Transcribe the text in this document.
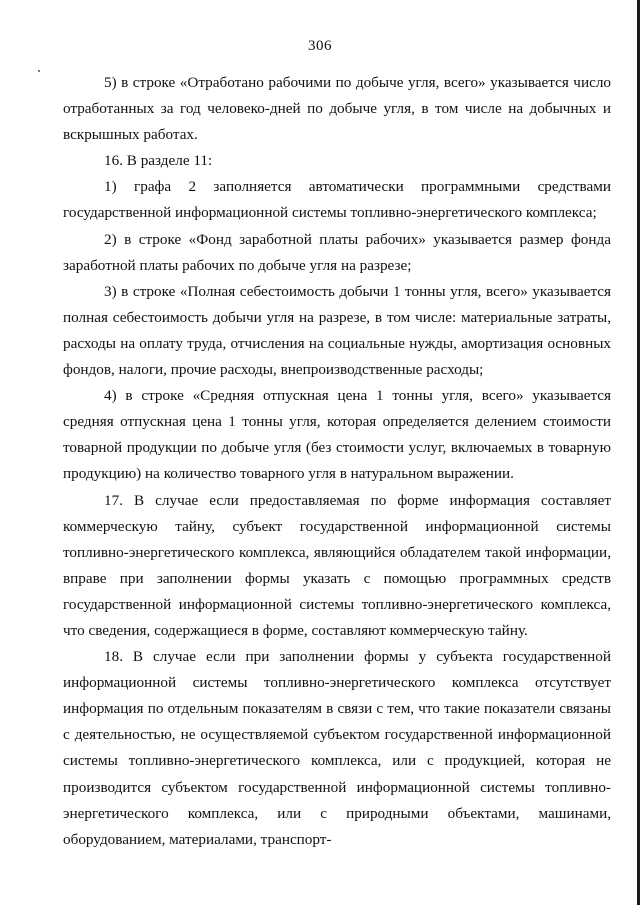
306

5) в строке «Отработано рабочими по добыче угля, всего» указывается число отработанных за год человеко-дней по добыче угля, в том числе на добычных и вскрышных работах.

16. В разделе 11:

1) графа 2 заполняется автоматически программными средствами государственной информационной системы топливно-энергетического комплекса;

2) в строке «Фонд заработной платы рабочих» указывается размер фонда заработной платы рабочих по добыче угля на разрезе;

3) в строке «Полная себестоимость добычи 1 тонны угля, всего» указывается полная себестоимость добычи угля на разрезе, в том числе: материальные затраты, расходы на оплату труда, отчисления на социальные нужды, амортизация основных фондов, налоги, прочие расходы, внепроизводственные расходы;

4) в строке «Средняя отпускная цена 1 тонны угля, всего» указывается средняя отпускная цена 1 тонны угля, которая определяется делением стоимости товарной продукции по добыче угля (без стоимости услуг, включаемых в товарную продукцию) на количество товарного угля в натуральном выражении.

17. В случае если предоставляемая по форме информация составляет коммерческую тайну, субъект государственной информационной системы топливно-энергетического комплекса, являющийся обладателем такой информации, вправе при заполнении формы указать с помощью программных средств государственной информационной системы топливно-энергетического комплекса, что сведения, содержащиеся в форме, составляют коммерческую тайну.

18. В случае если при заполнении формы у субъекта государственной информационной системы топливно-энергетического комплекса отсутствует информация по отдельным показателям в связи с тем, что такие показатели связаны с деятельностью, не осуществляемой субъектом государственной информационной системы топливно-энергетического комплекса, или с продукцией, которая не производится субъектом государственной информационной системы топливно-энергетического комплекса, или с природными объектами, машинами, оборудованием, материалами, транспорт-
